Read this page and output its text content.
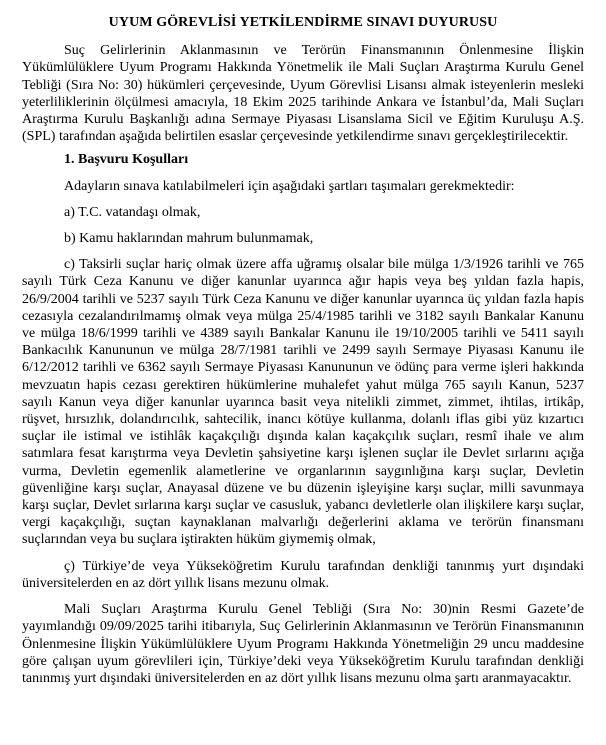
UYUM GÖREVLİSİ YETKİLENDİRME SINAVI DUYURUSU

Suç Gelirlerinin Aklanmasının ve Terörün Finansmanının Önlenmesine İlişkin Yükümlülüklere Uyum Programı Hakkında Yönetmelik ile Mali Suçları Araştırma Kurulu Genel Tebliği (Sıra No: 30) hükümleri çerçevesinde, Uyum Görevlisi Lisansı almak isteyenlerin mesleki yeterliliklerinin ölçülmesi amacıyla, 18 Ekim 2025 tarihinde Ankara ve İstanbul’da, Mali Suçları Araştırma Kurulu Başkanlığı adına Sermaye Piyasası Lisanslama Sicil ve Eğitim Kuruluşu A.Ş. (SPL) tarafından aşağıda belirtilen esaslar çerçevesinde yetkilendirme sınavı gerçekleştirilecektir.

1. Başvuru Koşulları

Adayların sınava katılabilmeleri için aşağıdaki şartları taşımaları gerekmektedir:

a) T.C. vatandaşı olmak,

b) Kamu haklarından mahrum bulunmamak,

c) Taksirli suçlar hariç olmak üzere affa uğramış olsalar bile mülga 1/3/1926 tarihli ve 765 sayılı Türk Ceza Kanunu ve diğer kanunlar uyarınca ağır hapis veya beş yıldan fazla hapis, 26/9/2004 tarihli ve 5237 sayılı Türk Ceza Kanunu ve diğer kanunlar uyarınca üç yıldan fazla hapis cezasıyla cezalandırılmamış olmak veya mülga 25/4/1985 tarihli ve 3182 sayılı Bankalar Kanunu ve mülga 18/6/1999 tarihli ve 4389 sayılı Bankalar Kanunu ile 19/10/2005 tarihli ve 5411 sayılı Bankacılık Kanununun ve mülga 28/7/1981 tarihli ve 2499 sayılı Sermaye Piyasası Kanunu ile 6/12/2012 tarihli ve 6362 sayılı Sermaye Piyasası Kanununun ve ödünç para verme işleri hakkında mevzuatın hapis cezası gerektiren hükümlerine muhalefet yahut mülga 765 sayılı Kanun, 5237 sayılı Kanun veya diğer kanunlar uyarınca basit veya nitelikli zimmet, zimmet, ihtilas, irtikâp, rüşvet, hırsızlık, dolandırıcılık, sahtecilik, inancı kötüye kullanma, dolanlı iflas gibi yüz kızartıcı suçlar ile istimal ve istihlâk kaçakçılığı dışında kalan kaçakçılık suçları, resmî ihale ve alım satımlara fesat karıştırma veya Devletin şahsiyetine karşı işlenen suçlar ile Devlet sırlarını açığa vurma, Devletin egemenlik alametlerine ve organlarının saygınlığına karşı suçlar, Devletin güvenliğine karşı suçlar, Anayasal düzene ve bu düzenin işleyişine karşı suçlar, milli savunmaya karşı suçlar, Devlet sırlarına karşı suçlar ve casusluk, yabancı devletlerle olan ilişkilere karşı suçlar, vergi kaçakçılığı, suçtan kaynaklanan malvarlığı değerlerini aklama ve terörün finansmanı suçlarından veya bu suçlara iştirakten hüküm giymemiş olmak,

ç) Türkiye’de veya Yükseköğretim Kurulu tarafından denkliği tanınmış yurt dışındaki üniversitelerden en az dört yıllık lisans mezunu olmak.

Mali Suçları Araştırma Kurulu Genel Tebliği (Sıra No: 30)nin Resmi Gazete’de yayımlandığı 09/09/2025 tarihi itibarıyla, Suç Gelirlerinin Aklanmasının ve Terörün Finansmanının Önlenmesine İlişkin Yükümlülüklere Uyum Programı Hakkında Yönetmeliğin 29 uncu maddesine göre çalışan uyum görevlileri için, Türkiye’deki veya Yükseköğretim Kurulu tarafından denkliği tanınmış yurt dışındaki üniversitelerden en az dört yıllık lisans mezunu olma şartı aranmayacaktır.
